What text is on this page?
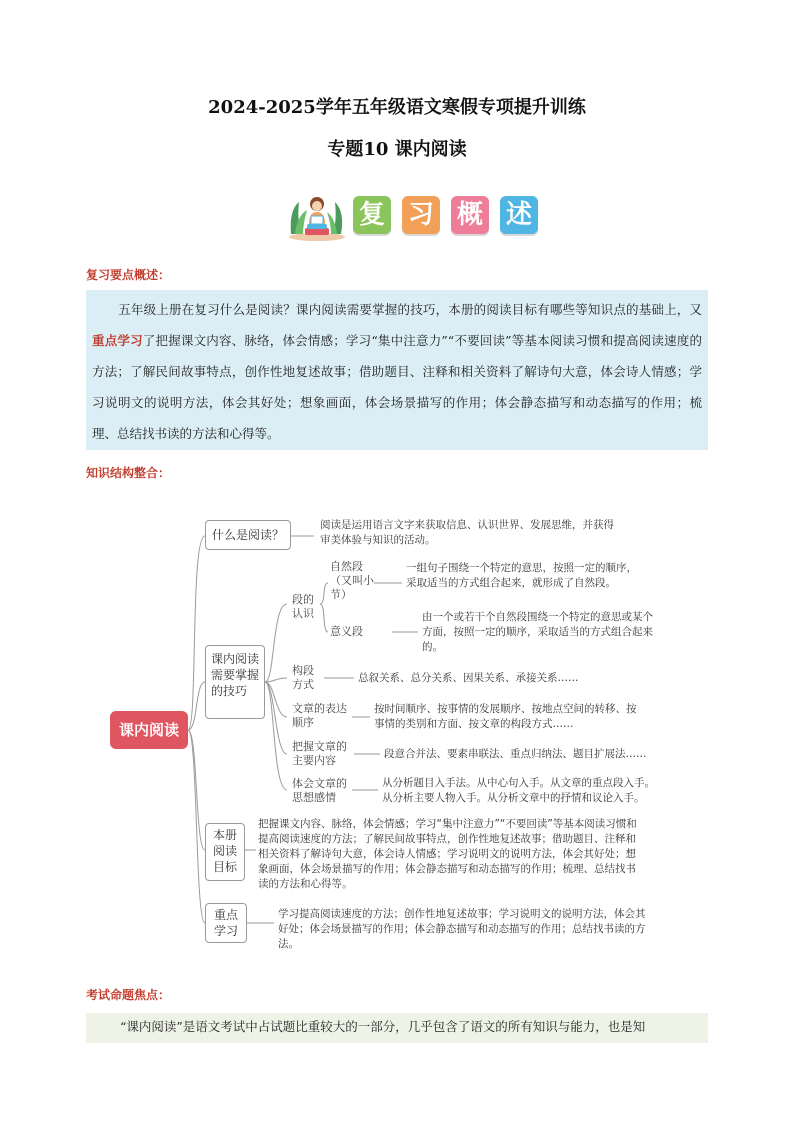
2024-2025学年五年级语文寒假专项提升训练
专题10 课内阅读
复 习 概 述
复习要点概述：
五年级上册在复习什么是阅读？课内阅读需要掌握的技巧，本册的阅读目标有哪些等知识点的基础上，又重点学习了把握课文内容、脉络，体会情感；学习“集中注意力”“不要回读”等基本阅读习惯和提高阅读速度的方法；了解民间故事特点，创作性地复述故事；借助题目、注释和相关资料了解诗句大意，体会诗人情感；学习说明文的说明方法，体会其好处；想象画面，体会场景描写的作用；体会静态描写和动态描写的作用；梳理、总结找书读的方法和心得等。
知识结构整合：
课内阅读
什么是阅读？
阅读是运用语言文字来获取信息、认识世界、发展思维，并获得审美体验与知识的活动。
课内阅读需要掌握的技巧
段的认识
自然段（又叫小节）
一组句子围绕一个特定的意思，按照一定的顺序，采取适当的方式组合起来，就形成了自然段。
意义段
由一个或若干个自然段围绕一个特定的意思或某个方面，按照一定的顺序，采取适当的方式组合起来的。
构段方式	总叙关系、总分关系、因果关系、承接关系……
文章的表达顺序
按时间顺序、按事情的发展顺序、按地点空间的转移、按事情的类别和方面、按文章的构段方式……
把握文章的主要内容	段意合并法、要素串联法、重点归纳法、题目扩展法……
体会文章的思想感情
从分析题目入手法。从中心句入手。从文章的重点段入手。
从分析主要人物入手。从分析文章中的抒情和议论入手。
本册阅读目标
把握课文内容、脉络，体会情感；学习“集中注意力”“不要回读”等基本阅读习惯和提高阅读速度的方法；了解民间故事特点，创作性地复述故事；借助题目、注释和相关资料了解诗句大意，体会诗人情感；学习说明文的说明方法，体会其好处；想象画面，体会场景描写的作用；体会静态描写和动态描写的作用；梳理、总结找书读的方法和心得等。
重点学习
学习提高阅读速度的方法；创作性地复述故事；学习说明文的说明方法，体会其好处；体会场景描写的作用；体会静态描写和动态描写的作用；总结找书读的方法。
考试命题焦点：
“课内阅读”是语文考试中占试题比重较大的一部分，几乎包含了语文的所有知识与能力，也是知
